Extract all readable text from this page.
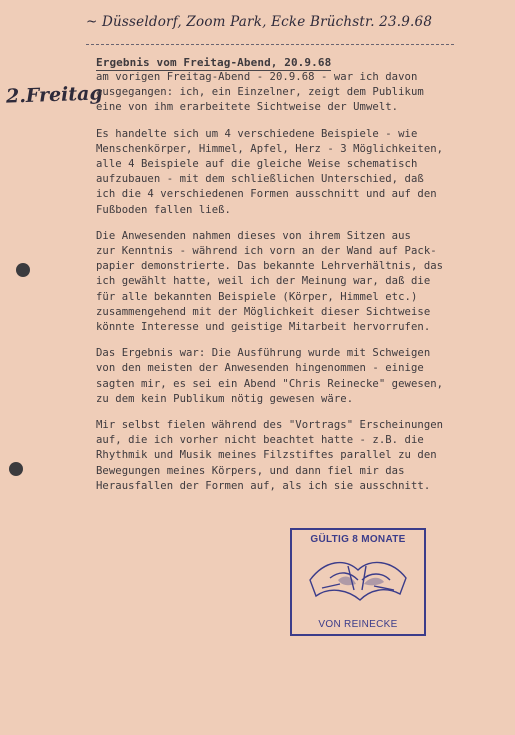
~ Düsseldorf, Zoom Park, Ecke Brüchstr. 23.9.68
2.Freitag
Ergebnis vom Freitag-Abend, 20.9.68

am vorigen Freitag-Abend - 20.9.68 - war ich davon
ausgegangen: ich, ein Einzelner, zeigt dem Publikum
eine von ihm erarbeitete Sichtweise der Umwelt.

Es handelte sich um 4 verschiedene Beispiele - wie
Menschenkörper, Himmel, Apfel, Herz - 3 Möglichkeiten,
alle 4 Beispiele auf die gleiche Weise schematisch
aufzubauen - mit dem schließlichen Unterschied, daß
ich die 4 verschiedenen Formen ausschnitt und auf den
Fußboden fallen ließ.

Die Anwesenden nahmen dieses von ihrem Sitzen aus
zur Kenntnis - während ich vorn an der Wand auf Pack-
papier demonstrierte. Das bekannte Lehrverhältnis, das
ich gewählt hatte, weil ich der Meinung war, daß die
für alle bekannten Beispiele (Körper, Himmel etc.)
zusammengehend mit der Möglichkeit dieser Sichtweise
könnte Interesse und geistige Mitarbeit hervorrufen.

Das Ergebnis war: Die Ausführung wurde mit Schweigen
von den meisten der Anwesenden hingenommen - einige
sagten mir, es sei ein Abend "Chris Reinecke" gewesen,
zu dem kein Publikum nötig gewesen wäre.

Mir selbst fielen während des "Vortrags" Erscheinungen
auf, die ich vorher nicht beachtet hatte - z.B. die
Rhythmik und Musik meines Filzstiftes parallel zu den
Bewegungen meines Körpers, und dann fiel mir das
Herausfallen der Formen auf, als ich sie ausschnitt.

GÜLTIG 8 MONATE
VON REINECKE
